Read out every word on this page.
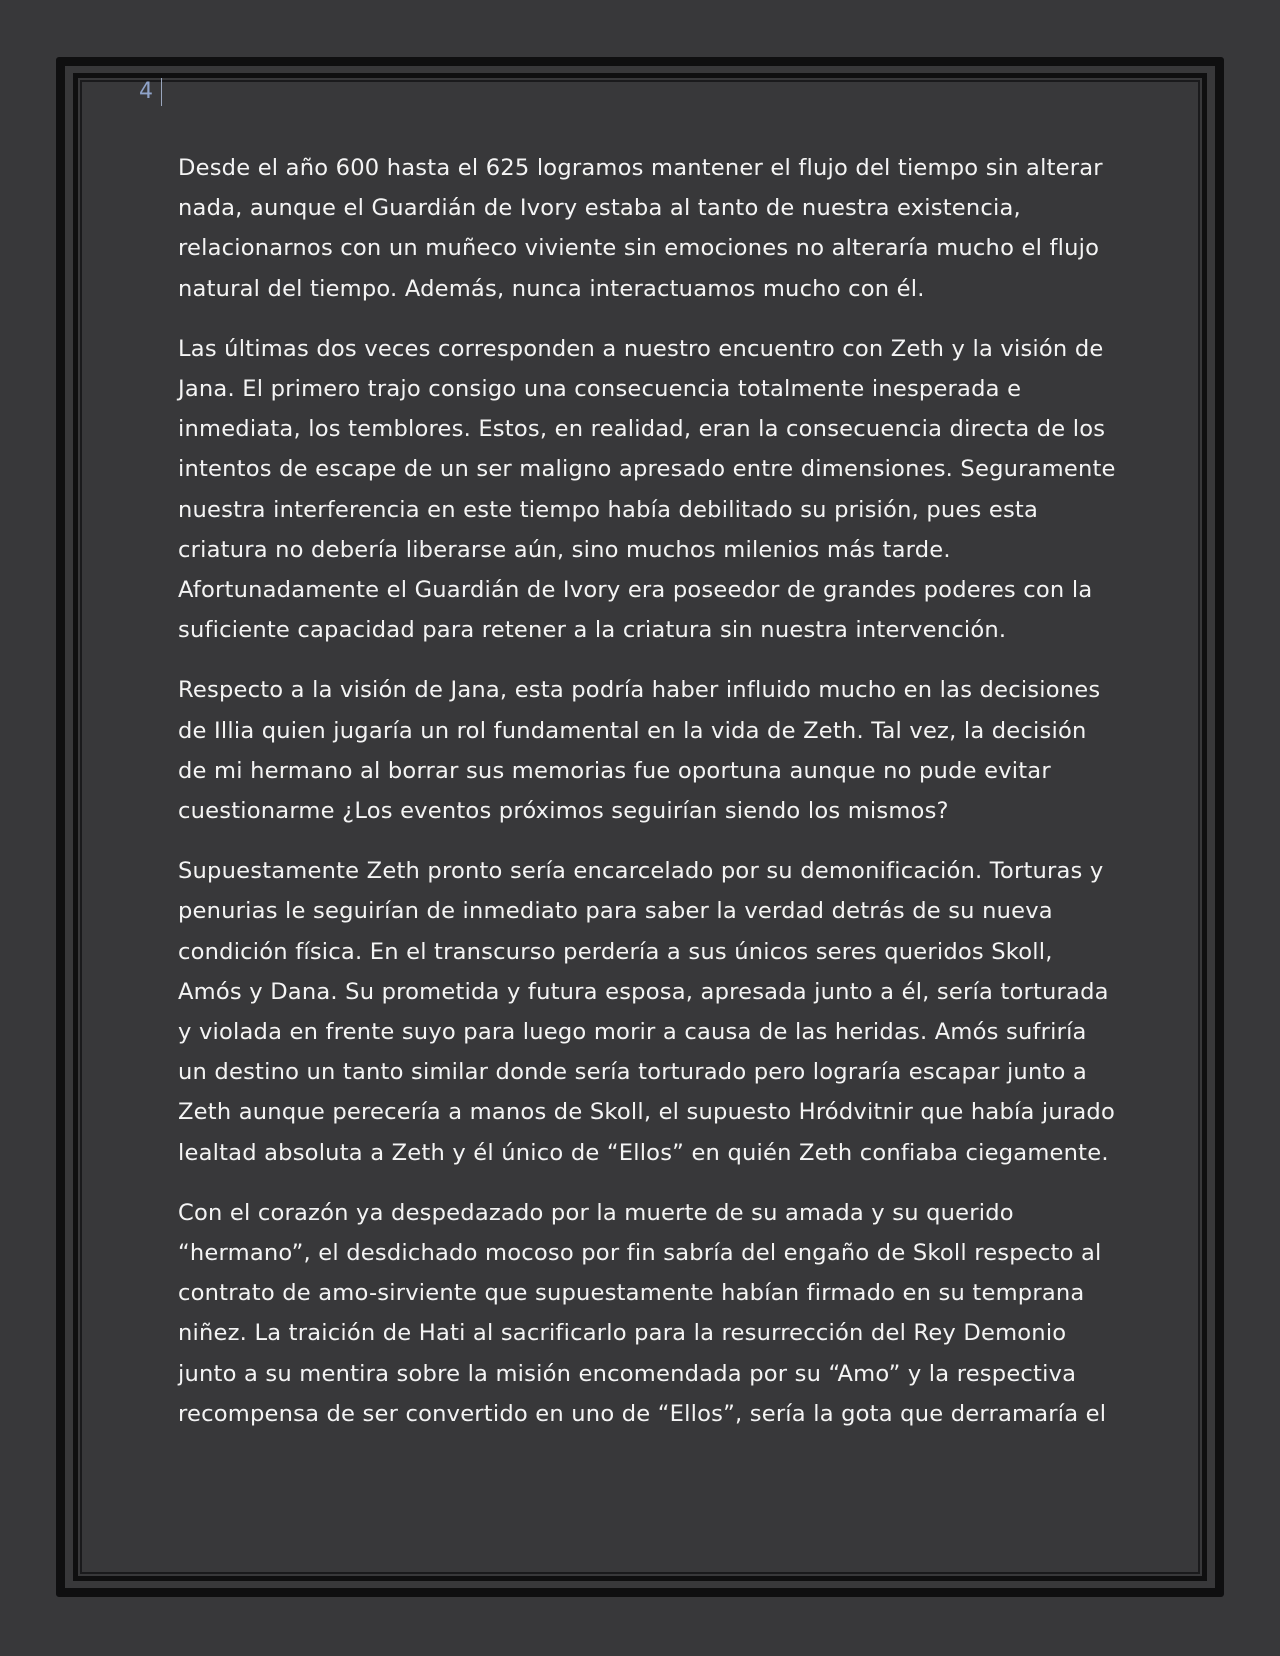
4

Desde el año 600 hasta el 625 logramos mantener el flujo del tiempo sin alterar nada, aunque el Guardián de Ivory estaba al tanto de nuestra existencia, relacionarnos con un muñeco viviente sin emociones no alteraría mucho el flujo natural del tiempo. Además, nunca interactuamos mucho con él.

Las últimas dos veces corresponden a nuestro encuentro con Zeth y la visión de Jana. El primero trajo consigo una consecuencia totalmente inesperada e inmediata, los temblores. Estos, en realidad, eran la consecuencia directa de los intentos de escape de un ser maligno apresado entre dimensiones. Seguramente nuestra interferencia en este tiempo había debilitado su prisión, pues esta criatura no debería liberarse aún, sino muchos milenios más tarde. Afortunadamente el Guardián de Ivory era poseedor de grandes poderes con la suficiente capacidad para retener a la criatura sin nuestra intervención.

Respecto a la visión de Jana, esta podría haber influido mucho en las decisiones de Illia quien jugaría un rol fundamental en la vida de Zeth. Tal vez, la decisión de mi hermano al borrar sus memorias fue oportuna aunque no pude evitar cuestionarme ¿Los eventos próximos seguirían siendo los mismos?

Supuestamente Zeth pronto sería encarcelado por su demonificación. Torturas y penurias le seguirían de inmediato para saber la verdad detrás de su nueva condición física. En el transcurso perdería a sus únicos seres queridos Skoll, Amós y Dana. Su prometida y futura esposa, apresada junto a él, sería torturada y violada en frente suyo para luego morir a causa de las heridas. Amós sufriría un destino un tanto similar donde sería torturado pero lograría escapar junto a Zeth aunque perecería a manos de Skoll, el supuesto Hródvitnir que había jurado lealtad absoluta a Zeth y él único de “Ellos” en quién Zeth confiaba ciegamente.

Con el corazón ya despedazado por la muerte de su amada y su querido “hermano”, el desdichado mocoso por fin sabría del engaño de Skoll respecto al contrato de amo-sirviente que supuestamente habían firmado en su temprana niñez. La traición de Hati al sacrificarlo para la resurrección del Rey Demonio junto a su mentira sobre la misión encomendada por su “Amo” y la respectiva recompensa de ser convertido en uno de “Ellos”, sería la gota que derramaría el
